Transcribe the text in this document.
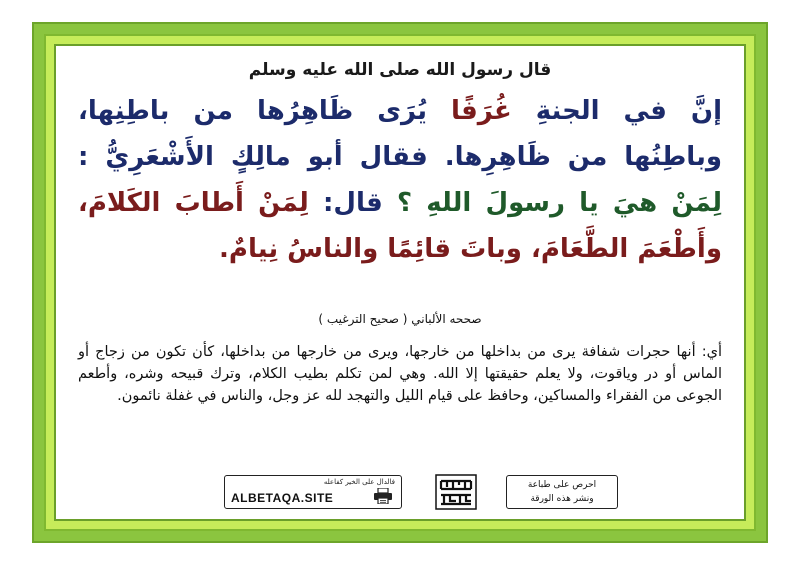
قال رسول الله صلى الله عليه وسلم

إنَّ في الجنةِ غُرَفًا يُرَى ظَاهِرُها من باطِنِها، وباطِنُها من ظَاهِرِها. فقال أبو مالِكٍ الأَشْعَرِيُّ : لِمَنْ هيَ يا رسولَ اللهِ ؟ قال: لِمَنْ أَطابَ الكَلامَ، وأَطْعَمَ الطَّعَامَ، وباتَ قائِمًا والناسُ نِيامٌ.

صححه الألباني ( صحيح الترغيب )

أي: أنها حجرات شفافة يرى من بداخلها من خارجها، ويرى من خارجها من بداخلها، كأن تكون من زجاج أو الماس أو در وياقوت، ولا يعلم حقيقتها إلا الله. وهي لمن تكلم بطيب الكلام، وترك قبيحه وشره، وأطعم الجوعى من الفقراء والمساكين، وحافظ على قيام الليل والتهجد لله عز وجل، والناس في غفلة نائمون.

فالدال على الخير كفاعله
ALBETAQA.SITE
احرص على طباعة
ونشر هذه الورقة
